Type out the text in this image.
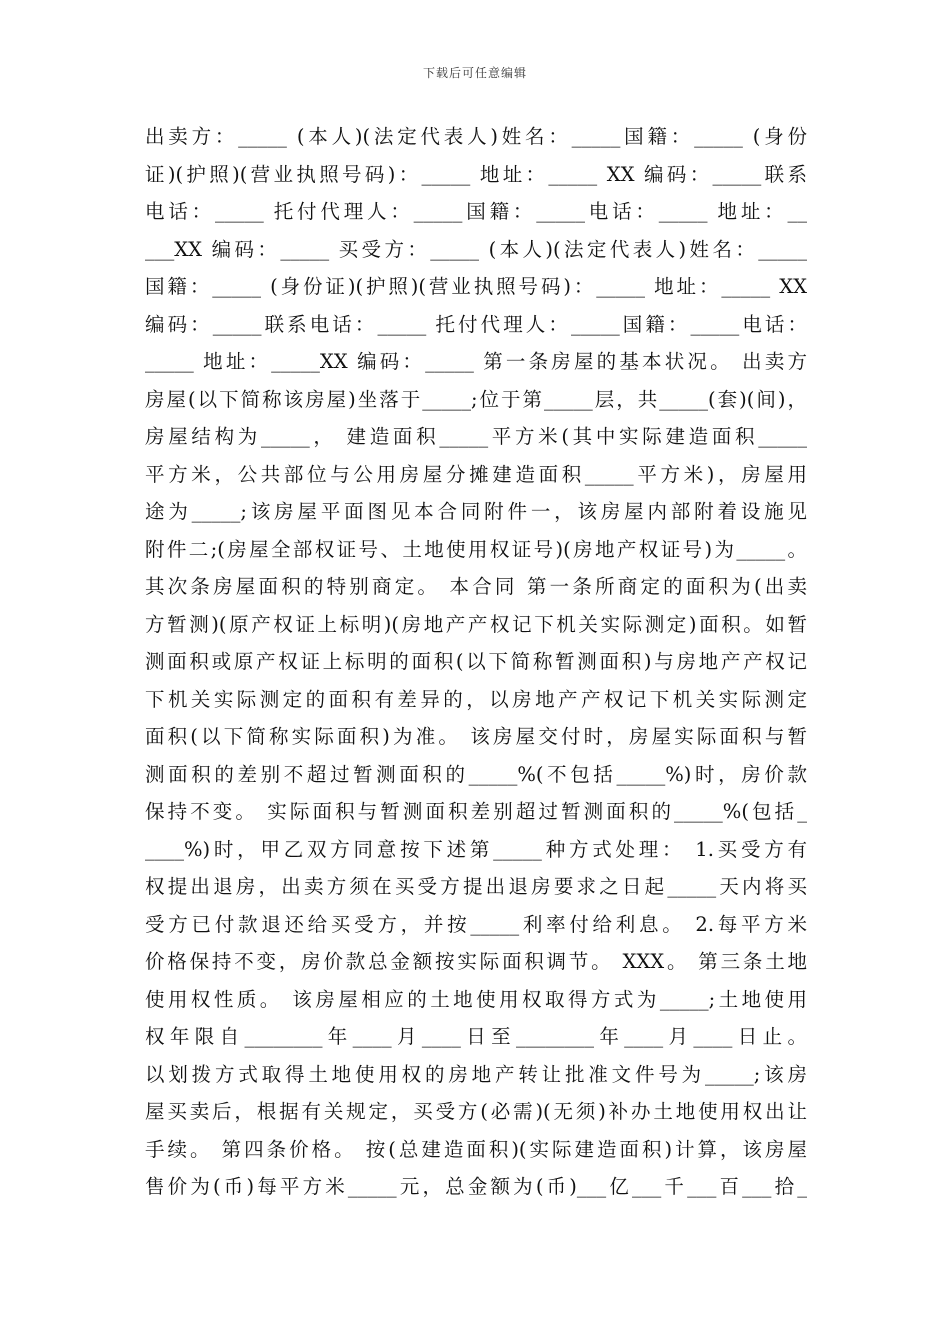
下载后可任意编辑
出卖方：_____ (本人)(法定代表人)姓名：_____国籍：_____ (身份
证)(护照)(营业执照号码)：_____ 地址：_____ XX 编码：_____联系
电话：_____ 托付代理人：_____国籍：_____电话：_____ 地址：__
___XX 编码：_____ 买受方：_____ (本人)(法定代表人)姓名：_____
国籍：_____ (身份证)(护照)(营业执照号码)：_____ 地址：_____ XX
编码：_____联系电话：_____ 托付代理人：_____国籍：_____电话：
_____ 地址：_____XX 编码：_____ 第一条房屋的基本状况。 出卖方
房屋(以下简称该房屋)坐落于_____;位于第_____层，共_____(套)(间)，
房屋结构为_____， 建造面积_____平方米(其中实际建造面积_____
平方米，公共部位与公用房屋分摊建造面积_____平方米)，房屋用
途为_____;该房屋平面图见本合同附件一，该房屋内部附着设施见
附件二;(房屋全部权证号、土地使用权证号)(房地产权证号)为_____。
其次条房屋面积的特别商定。 本合同 第一条所商定的面积为(出卖
方暂测)(原产权证上标明)(房地产产权记下机关实际测定)面积。如暂
测面积或原产权证上标明的面积(以下简称暂测面积)与房地产产权记
下机关实际测定的面积有差异的，以房地产产权记下机关实际测定
面积(以下简称实际面积)为准。 该房屋交付时，房屋实际面积与暂
测面积的差别不超过暂测面积的_____%(不包括_____%)时，房价款
保持不变。 实际面积与暂测面积差别超过暂测面积的_____%(包括_
____%)时，甲乙双方同意按下述第_____种方式处理： 1.买受方有
权提出退房，出卖方须在买受方提出退房要求之日起_____天内将买
受方已付款退还给买受方，并按_____利率付给利息。 2.每平方米
价格保持不变，房价款总金额按实际面积调节。 XXX。 第三条土地
使用权性质。 该房屋相应的土地使用权取得方式为_____;土地使用
权年限自________年____月____日至________年____月____日止。
以划拨方式取得土地使用权的房地产转让批准文件号为_____;该房
屋买卖后，根据有关规定，买受方(必需)(无须)补办土地使用权出让
手续。 第四条价格。 按(总建造面积)(实际建造面积)计算，该房屋
售价为(币)每平方米_____元，总金额为(币)___亿___千___百___拾_
